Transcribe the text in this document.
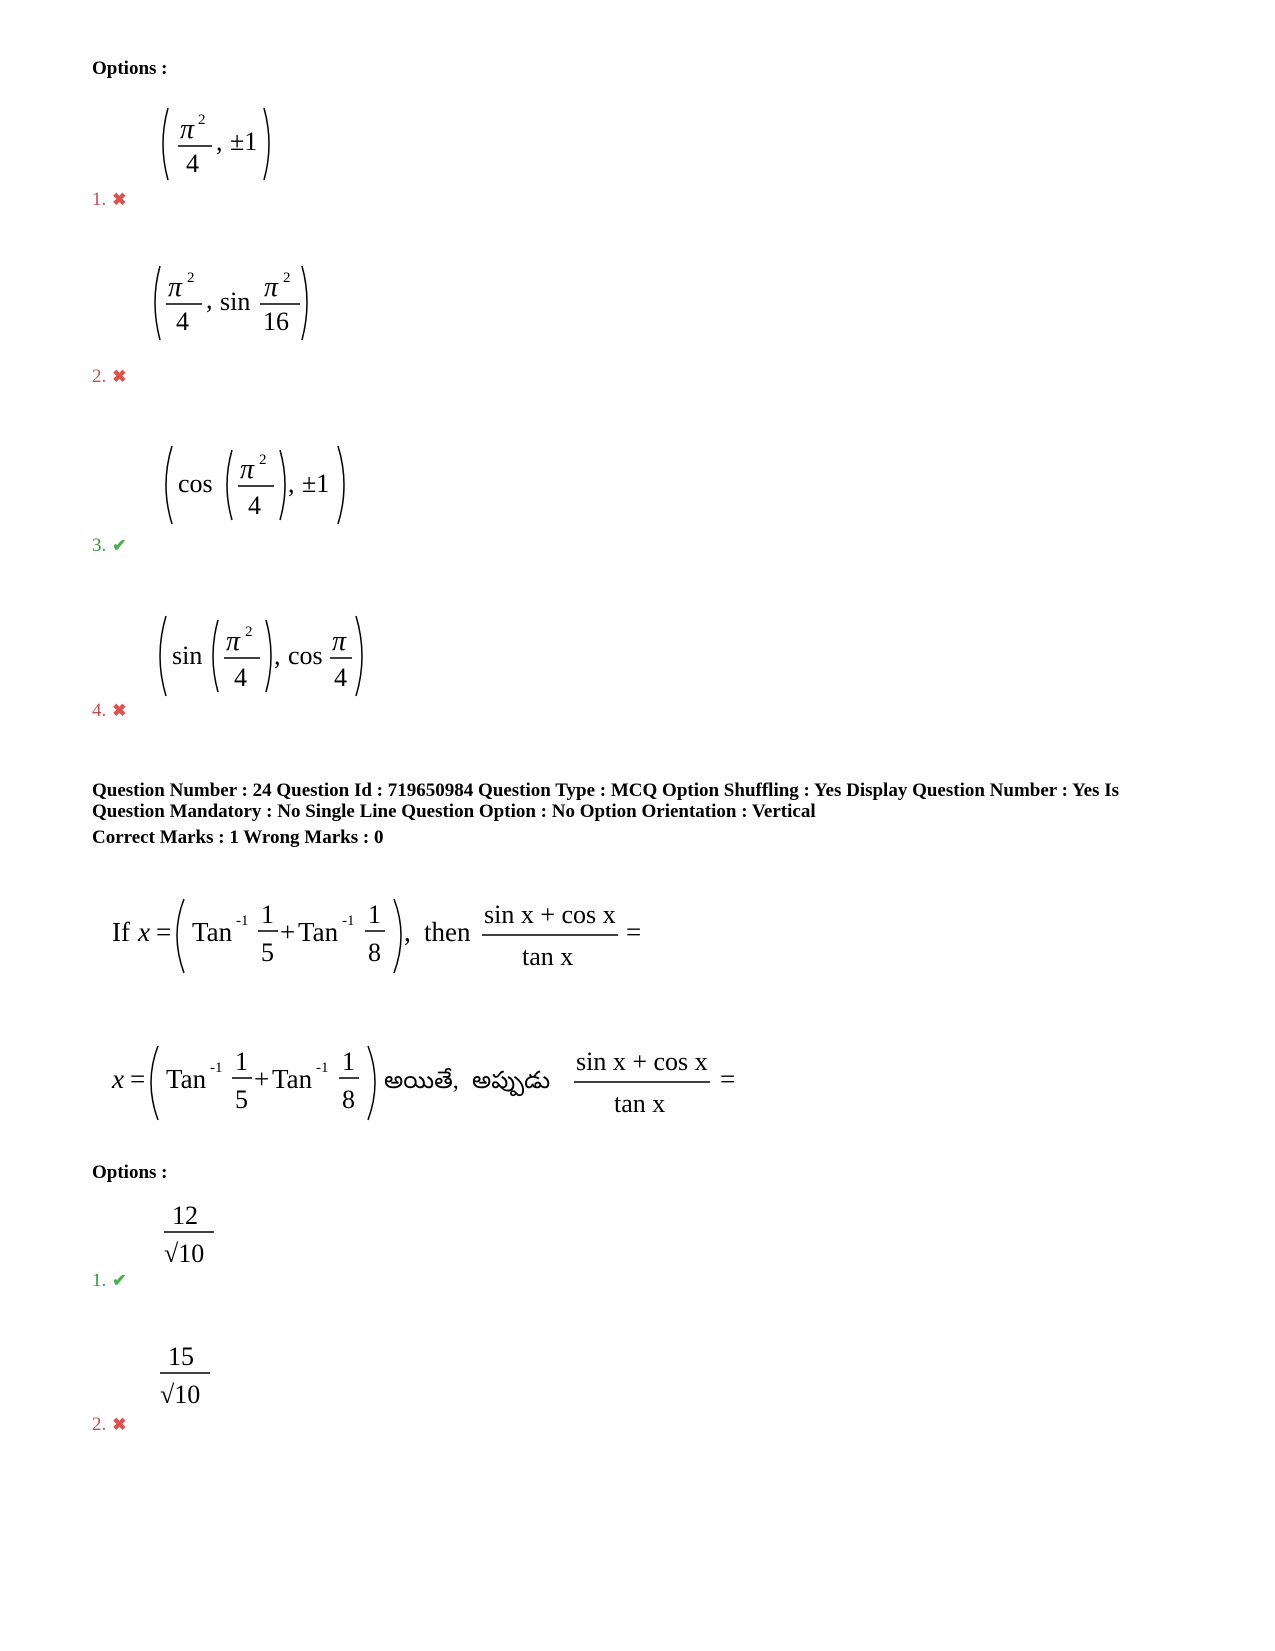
Options :
π 2
4
, ±1
1. ✖
π 2
4
, sin π 2
16
2. ✖
cos π 2
4
, ±1
3. ✔
sin π 2
4
, cos π
4
4. ✖
Question Number : 24 Question Id : 719650984 Question Type : MCQ Option Shuffling : Yes Display Question Number : Yes Is
Question Mandatory : No Single Line Question Option : No Option Orientation : Vertical
Correct Marks : 1 Wrong Marks : 0
If x = Tan -1 1
5
+ Tan -1 1
8
, then
sin x + cos x
tan x
=
x = Tan -1 1
5
+ Tan -1 1
8
అయితే, అప్పుడు
sin x + cos x
tan x
=
Options :
12
√10
1. ✔
15
√10
2. ✖
